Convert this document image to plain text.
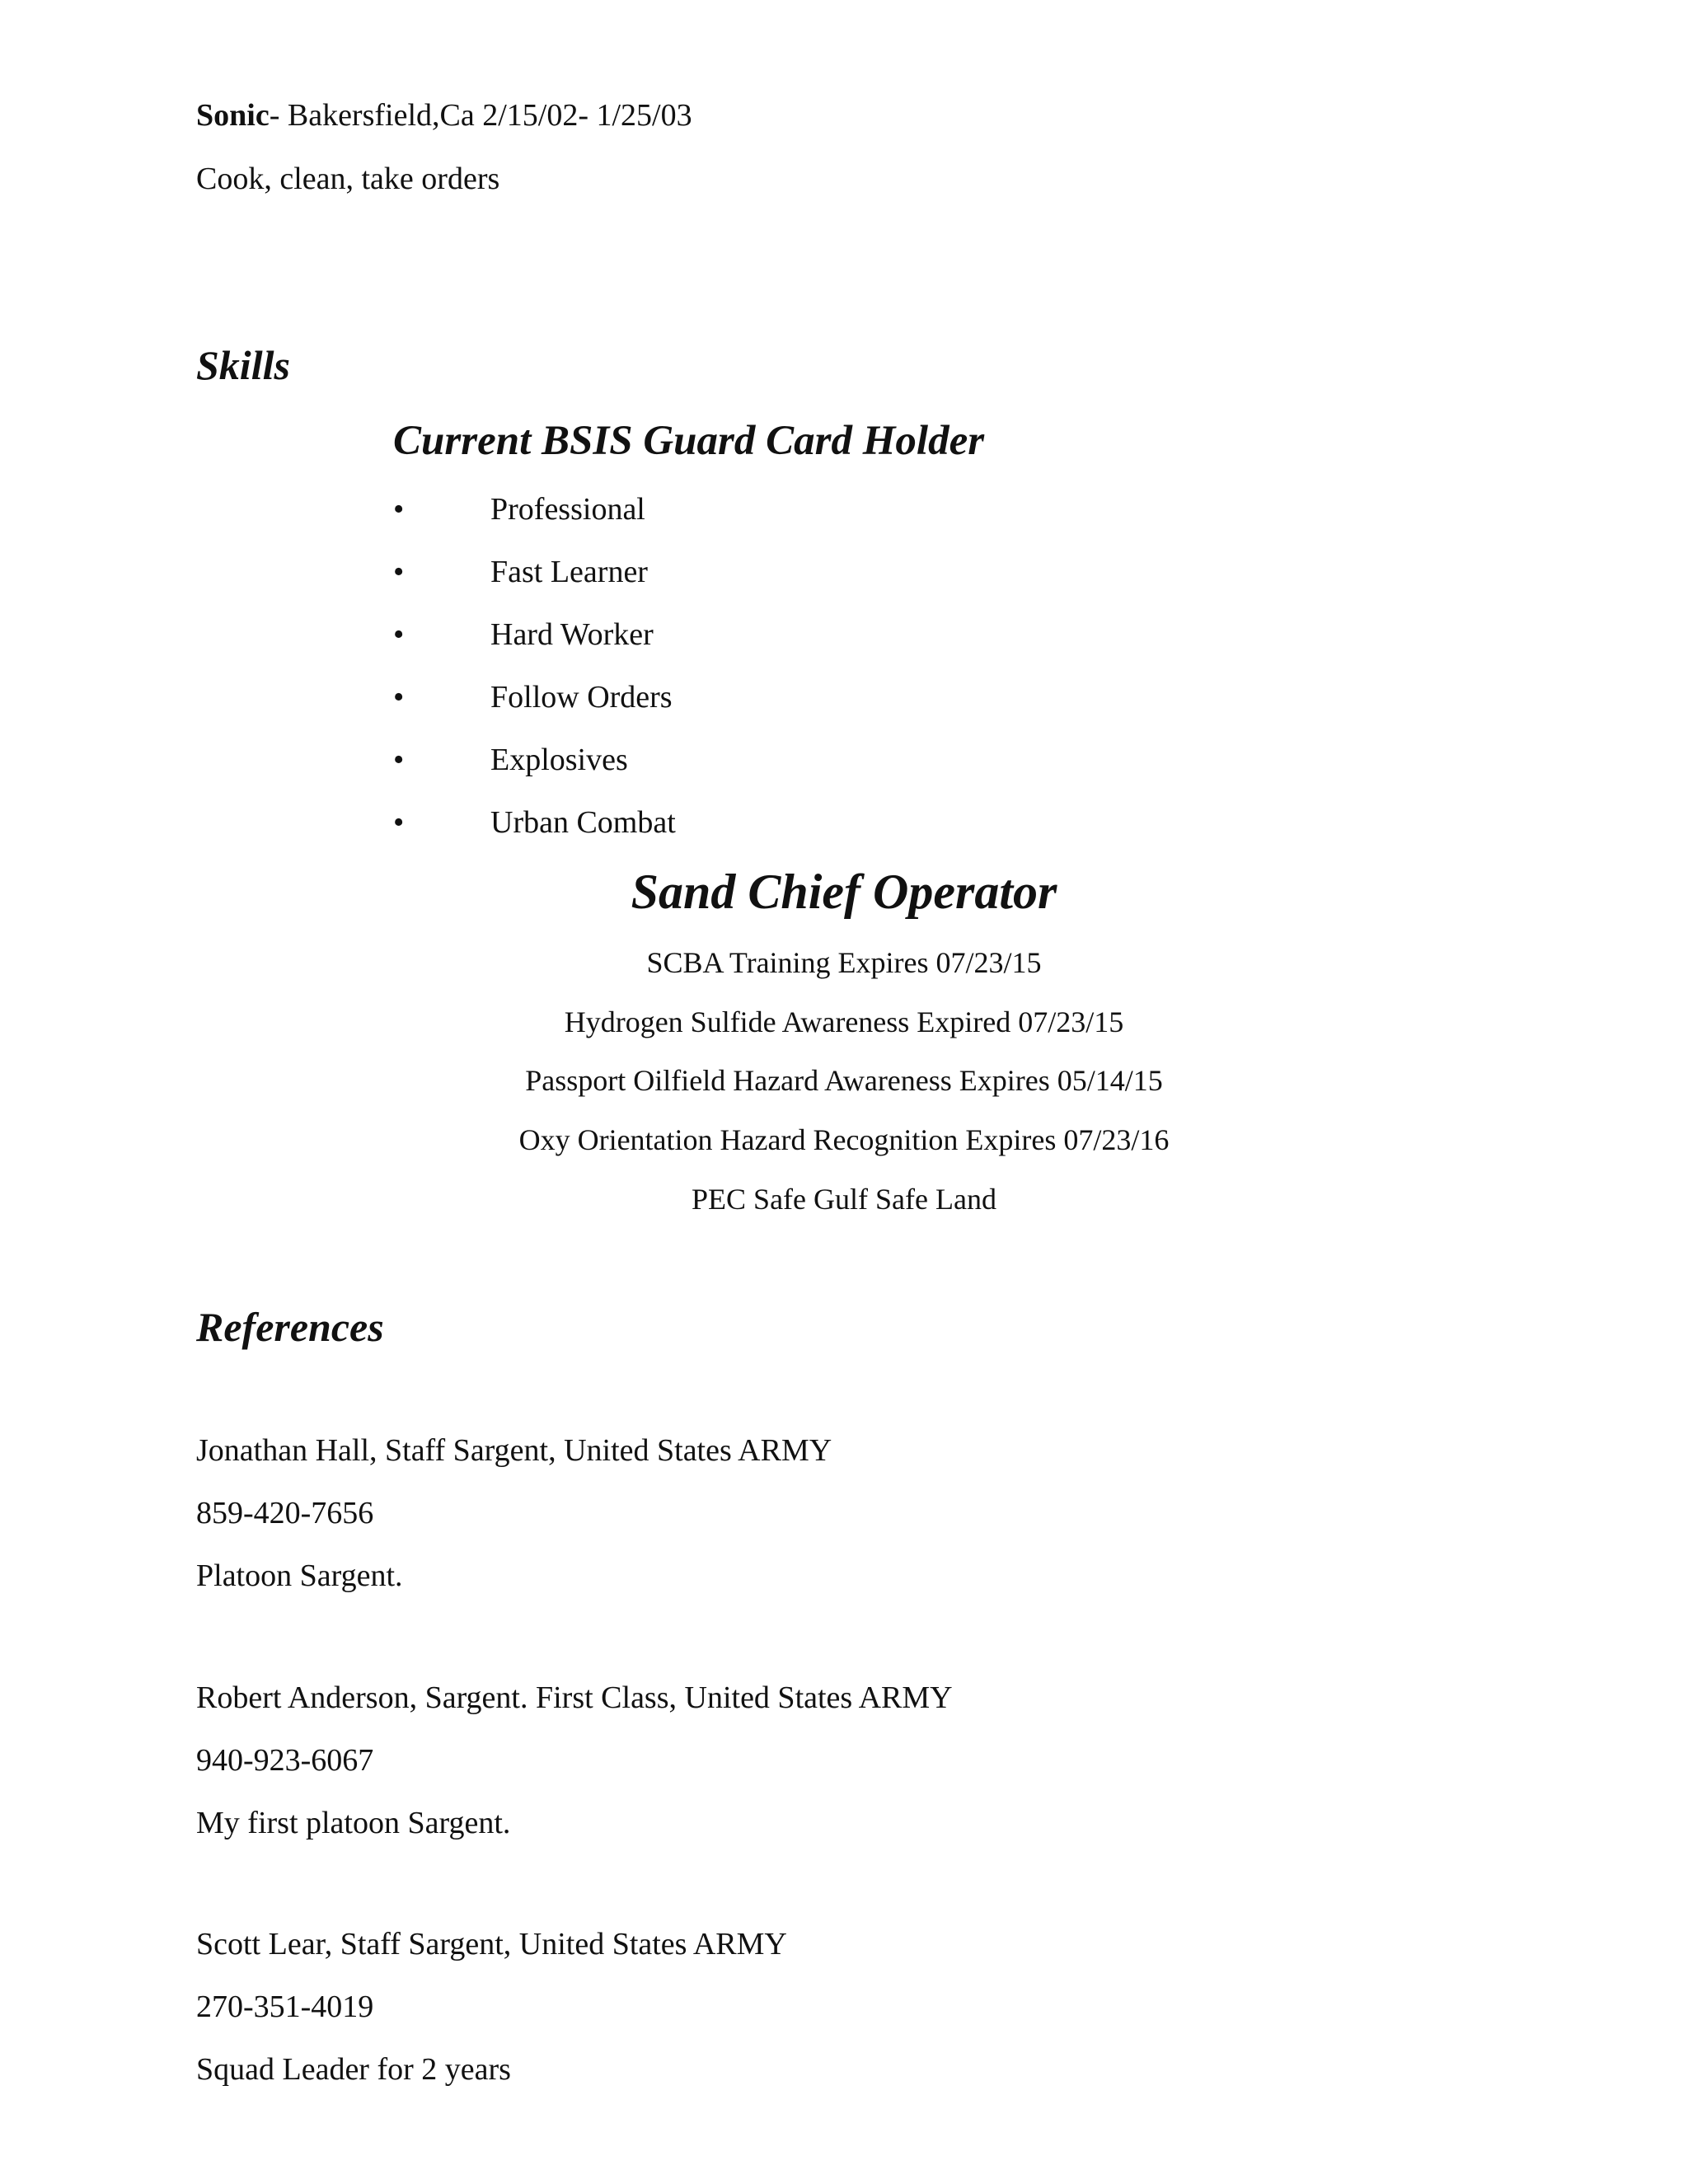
Sonic- Bakersfield,Ca 2/15/02- 1/25/03
Cook, clean, take orders
Skills
Current BSIS Guard Card Holder
•	Professional
•	Fast Learner
•	Hard Worker
•	Follow Orders
•	Explosives
•	Urban Combat
Sand Chief Operator
SCBA Training Expires 07/23/15
Hydrogen Sulfide Awareness Expired 07/23/15
Passport Oilfield Hazard Awareness Expires 05/14/15
Oxy Orientation Hazard Recognition Expires 07/23/16
PEC Safe Gulf Safe Land
References
Jonathan Hall, Staff Sargent, United States ARMY
859-420-7656
Platoon Sargent.
Robert Anderson, Sargent. First Class, United States ARMY
940-923-6067
My first platoon Sargent.
Scott Lear, Staff Sargent, United States ARMY
270-351-4019
Squad Leader for 2 years
